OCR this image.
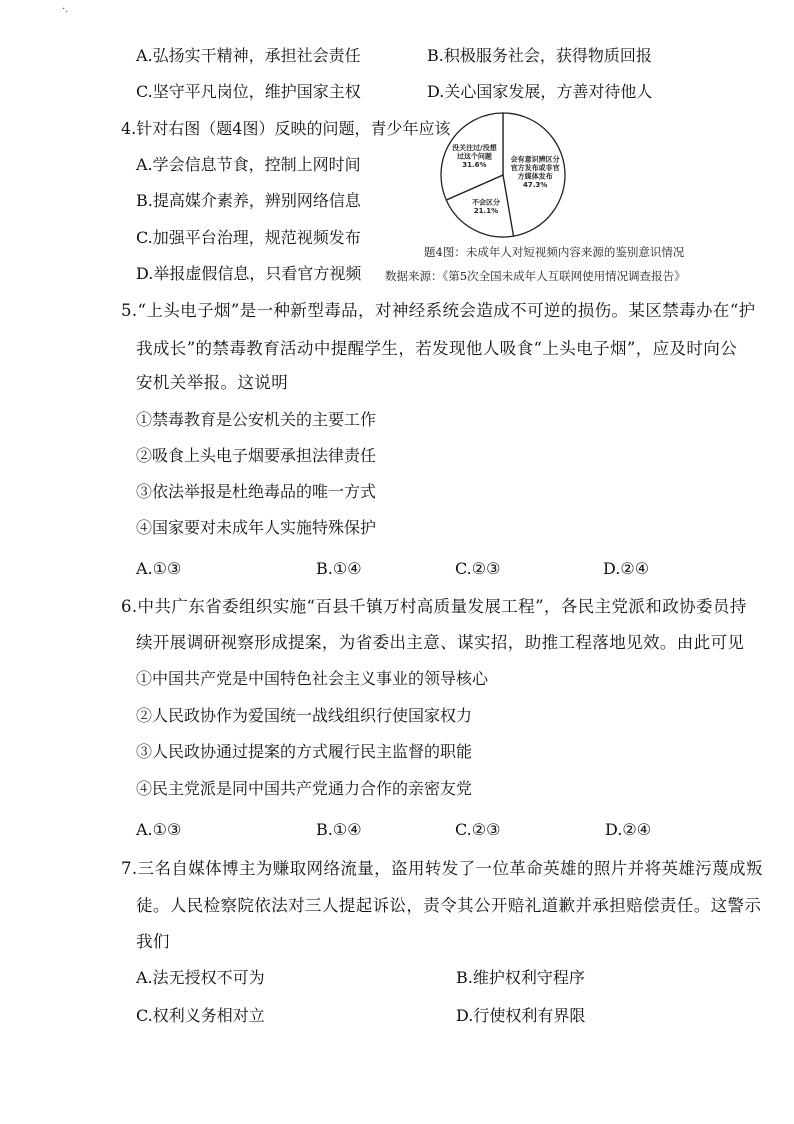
·.
A.弘扬实干精神，承担社会责任	B.积极服务社会，获得物质回报
C.坚守平凡岗位，维护国家主权	D.关心国家发展，方善对待他人
4.针对右图（题4图）反映的问题，青少年应该
A.学会信息节食，控制上网时间
B.提高媒介素养，辨别网络信息
C.加强平台治理，规范视频发布
D.举报虚假信息，只看官方视频
会有意识辨区分
官方发布或非官
方媒体发布
47.3%
不会区分
21.1%
没关注过/没想
过这个问题
31.6%
题4图：未成年人对短视频内容来源的鉴别意识情况
数据来源：《第5次全国未成年人互联网使用情况调查报告》
5.“上头电子烟”是一种新型毒品，对神经系统会造成不可逆的损伤。某区禁毒办在“护
我成长”的禁毒教育活动中提醒学生，若发现他人吸食“上头电子烟”，应及时向公
安机关举报。这说明
①禁毒教育是公安机关的主要工作
②吸食上头电子烟要承担法律责任
③依法举报是杜绝毒品的唯一方式
④国家要对未成年人实施特殊保护
A.①③	B.①④	C.②③	D.②④
6.中共广东省委组织实施“百县千镇万村高质量发展工程”，各民主党派和政协委员持
续开展调研视察形成提案，为省委出主意、谋实招，助推工程落地见效。由此可见
①中国共产党是中国特色社会主义事业的领导核心
②人民政协作为爱国统一战线组织行使国家权力
③人民政协通过提案的方式履行民主监督的职能
④民主党派是同中国共产党通力合作的亲密友党
A.①③	B.①④	C.②③	D.②④
7.三名自媒体博主为赚取网络流量，盗用转发了一位革命英雄的照片并将英雄污蔑成叛
徒。人民检察院依法对三人提起诉讼，责令其公开赔礼道歉并承担赔偿责任。这警示
我们
A.法无授权不可为	B.维护权利守程序
C.权利义务相对立	D.行使权利有界限
